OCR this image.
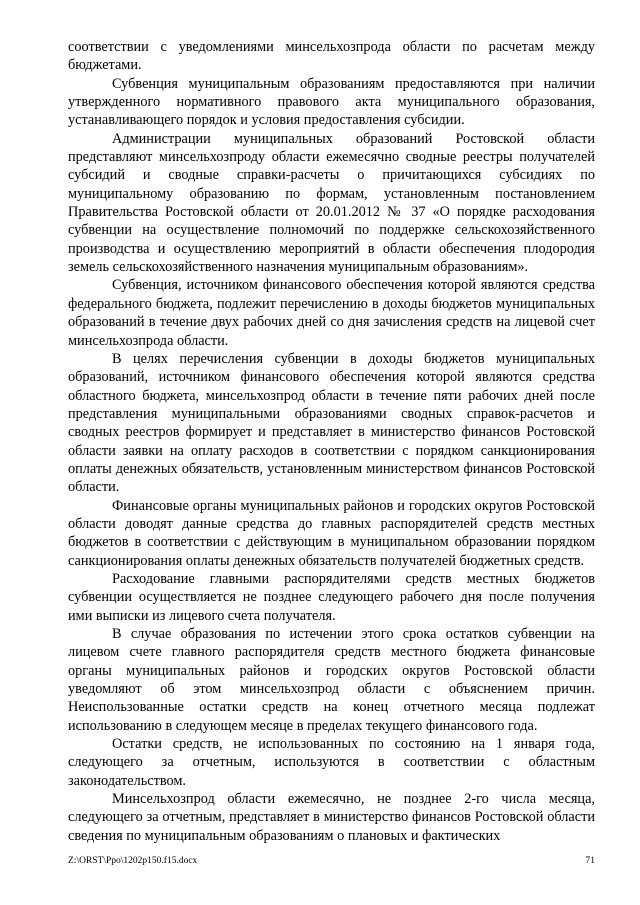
соответствии с уведомлениями минсельхозпрода области по расчетам между бюджетами.

Субвенция муниципальным образованиям предоставляются при наличии утвержденного нормативного правового акта муниципального образования, устанавливающего порядок и условия предоставления субсидии.

Администрации муниципальных образований Ростовской области представляют минсельхозпроду области ежемесячно сводные реестры получателей субсидий и сводные справки-расчеты о причитающихся субсидиях по муниципальному образованию по формам, установленным постановлением Правительства Ростовской области от 20.01.2012 № 37 «О порядке расходования субвенции на осуществление полномочий по поддержке сельскохозяйственного производства и осуществлению мероприятий в области обеспечения плодородия земель сельскохозяйственного назначения муниципальным образованиям».

Субвенция, источником финансового обеспечения которой являются средства федерального бюджета, подлежит перечислению в доходы бюджетов муниципальных образований в течение двух рабочих дней со дня зачисления средств на лицевой счет минсельхозпрода области.

В целях перечисления субвенции в доходы бюджетов муниципальных образований, источником финансового обеспечения которой являются средства областного бюджета, минсельхозпрод области в течение пяти рабочих дней после представления муниципальными образованиями сводных справок-расчетов и сводных реестров формирует и представляет в министерство финансов Ростовской области заявки на оплату расходов в соответствии с порядком санкционирования оплаты денежных обязательств, установленным министерством финансов Ростовской области.

Финансовые органы муниципальных районов и городских округов Ростовской области доводят данные средства до главных распорядителей средств местных бюджетов в соответствии с действующим в муниципальном образовании порядком санкционирования оплаты денежных обязательств получателей бюджетных средств.

Расходование главными распорядителями средств местных бюджетов субвенции осуществляется не позднее следующего рабочего дня после получения ими выписки из лицевого счета получателя.

В случае образования по истечении этого срока остатков субвенции на лицевом счете главного распорядителя средств местного бюджета финансовые органы муниципальных районов и городских округов Ростовской области уведомляют об этом минсельхозпрод области с объяснением причин. Неиспользованные остатки средств на конец отчетного месяца подлежат использованию в следующем месяце в пределах текущего финансового года.

Остатки средств, не использованных по состоянию на 1 января года, следующего за отчетным, используются в соответствии с областным законодательством.

Минсельхозпрод области ежемесячно, не позднее 2-го числа месяца, следующего за отчетным, представляет в министерство финансов Ростовской области сведения по муниципальным образованиям о плановых и фактических

Z:\ORST\Ppo\1202p150.f15.docx	71
